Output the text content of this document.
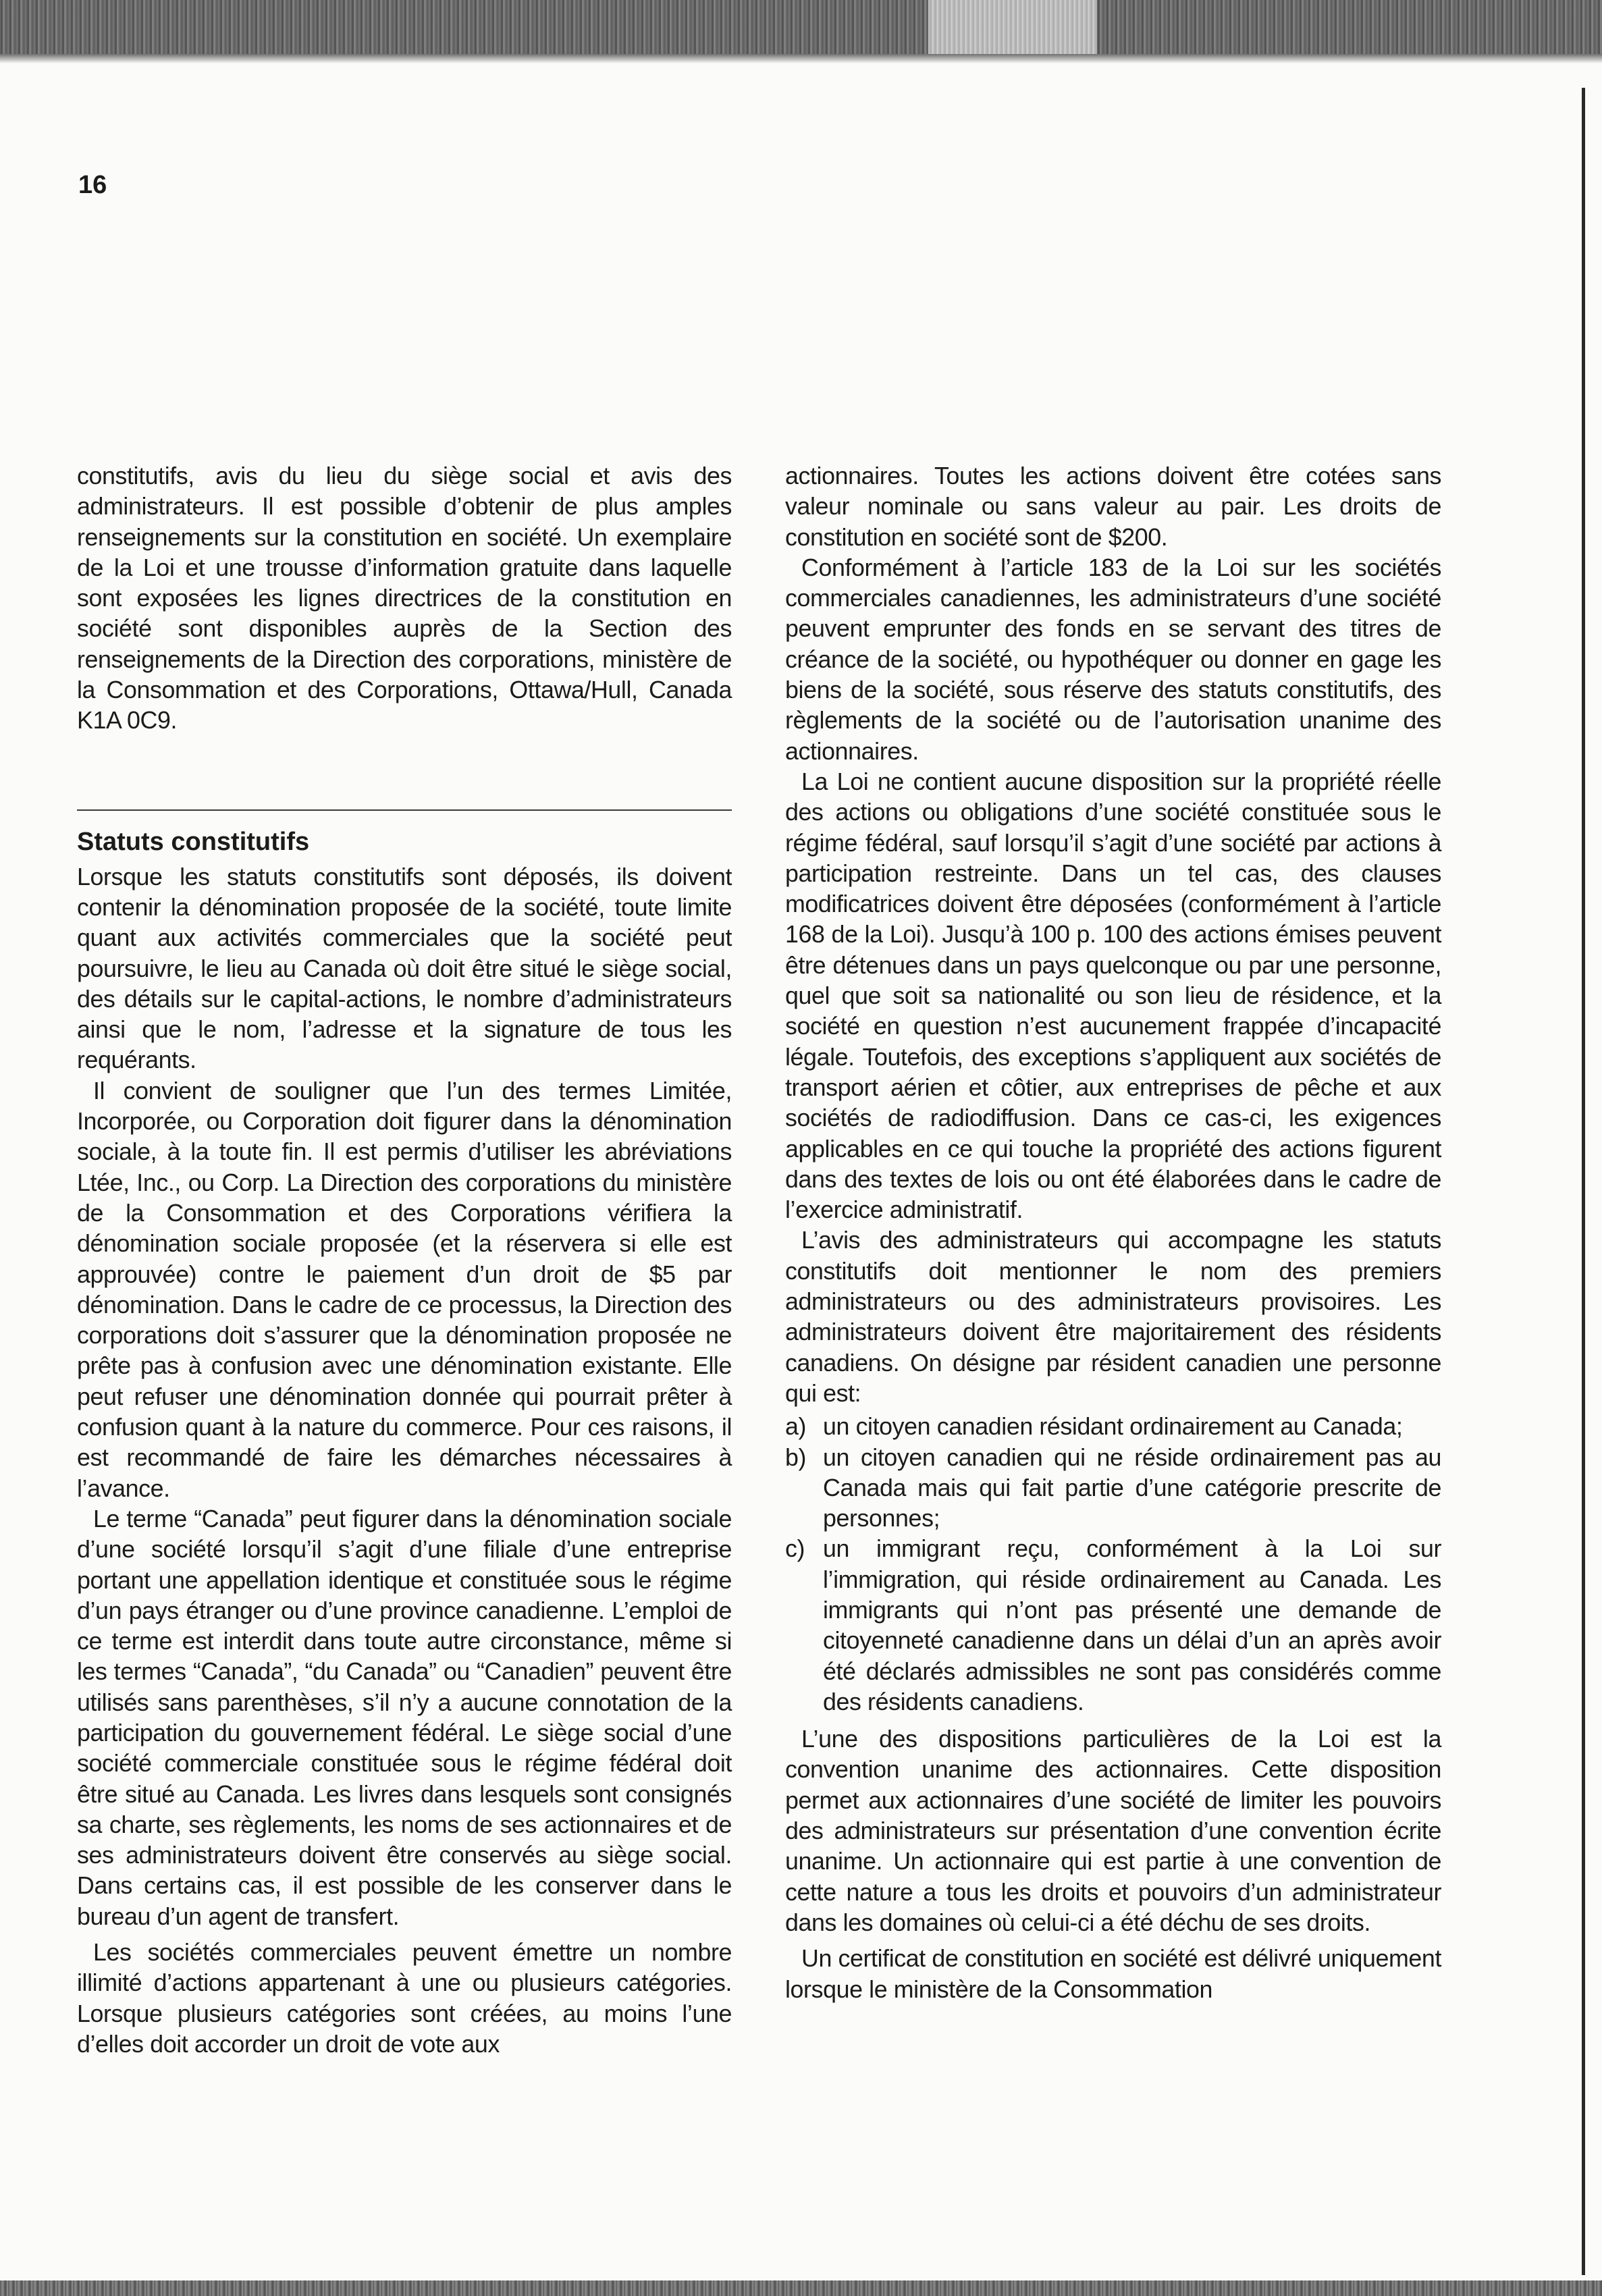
16

constitutifs, avis du lieu du siège social et avis des administrateurs. Il est possible d’obtenir de plus amples renseignements sur la constitution en société. Un exemplaire de la Loi et une trousse d’information gratuite dans laquelle sont exposées les lignes directrices de la constitution en société sont disponibles auprès de la Section des renseignements de la Direction des corporations, ministère de la Consommation et des Corporations, Ottawa/Hull, Canada K1A 0C9.

Statuts constitutifs

Lorsque les statuts constitutifs sont déposés, ils doivent contenir la dénomination proposée de la société, toute limite quant aux activités commerciales que la société peut poursuivre, le lieu au Canada où doit être situé le siège social, des détails sur le capital-actions, le nombre d’administrateurs ainsi que le nom, l’adresse et la signature de tous les requérants.

Il convient de souligner que l’un des termes Limitée, Incorporée, ou Corporation doit figurer dans la dénomination sociale, à la toute fin. Il est permis d’utiliser les abréviations Ltée, Inc., ou Corp. La Direction des corporations du ministère de la Consommation et des Corporations vérifiera la dénomination sociale proposée (et la réservera si elle est approuvée) contre le paiement d’un droit de $5 par dénomination. Dans le cadre de ce processus, la Direction des corporations doit s’assurer que la dénomination proposée ne prête pas à confusion avec une dénomination existante. Elle peut refuser une dénomination donnée qui pourrait prêter à confusion quant à la nature du commerce. Pour ces raisons, il est recommandé de faire les démarches nécessaires à l’avance.

Le terme “Canada” peut figurer dans la dénomination sociale d’une société lorsqu’il s’agit d’une filiale d’une entreprise portant une appellation identique et constituée sous le régime d’un pays étranger ou d’une province canadienne. L’emploi de ce terme est interdit dans toute autre circonstance, même si les termes “Canada”, “du Canada” ou “Canadien” peuvent être utilisés sans parenthèses, s’il n’y a aucune connotation de la participation du gouvernement fédéral. Le siège social d’une société commerciale constituée sous le régime fédéral doit être situé au Canada. Les livres dans lesquels sont consignés sa charte, ses règlements, les noms de ses actionnaires et de ses administrateurs doivent être conservés au siège social. Dans certains cas, il est possible de les conserver dans le bureau d’un agent de transfert.

Les sociétés commerciales peuvent émettre un nombre illimité d’actions appartenant à une ou plusieurs catégories. Lorsque plusieurs catégories sont créées, au moins l’une d’elles doit accorder un droit de vote aux

actionnaires. Toutes les actions doivent être cotées sans valeur nominale ou sans valeur au pair. Les droits de constitution en société sont de $200.

Conformément à l’article 183 de la Loi sur les sociétés commerciales canadiennes, les administrateurs d’une société peuvent emprunter des fonds en se servant des titres de créance de la société, ou hypothéquer ou donner en gage les biens de la société, sous réserve des statuts constitutifs, des règlements de la société ou de l’autorisation unanime des actionnaires.

La Loi ne contient aucune disposition sur la propriété réelle des actions ou obligations d’une société constituée sous le régime fédéral, sauf lorsqu’il s’agit d’une société par actions à participation restreinte. Dans un tel cas, des clauses modificatrices doivent être déposées (conformément à l’article 168 de la Loi). Jusqu’à 100 p. 100 des actions émises peuvent être détenues dans un pays quelconque ou par une personne, quel que soit sa nationalité ou son lieu de résidence, et la société en question n’est aucunement frappée d’incapacité légale. Toutefois, des exceptions s’appliquent aux sociétés de transport aérien et côtier, aux entreprises de pêche et aux sociétés de radiodiffusion. Dans ce cas-ci, les exigences applicables en ce qui touche la propriété des actions figurent dans des textes de lois ou ont été élaborées dans le cadre de l’exercice administratif.

L’avis des administrateurs qui accompagne les statuts constitutifs doit mentionner le nom des premiers administrateurs ou des administrateurs provisoires. Les administrateurs doivent être majoritairement des résidents canadiens. On désigne par résident canadien une personne qui est:

a) un citoyen canadien résidant ordinairement au Canada;
b) un citoyen canadien qui ne réside ordinairement pas au Canada mais qui fait partie d’une catégorie prescrite de personnes;
c) un immigrant reçu, conformément à la Loi sur l’immigration, qui réside ordinairement au Canada. Les immigrants qui n’ont pas présenté une demande de citoyenneté canadienne dans un délai d’un an après avoir été déclarés admissibles ne sont pas considérés comme des résidents canadiens.

L’une des dispositions particulières de la Loi est la convention unanime des actionnaires. Cette disposition permet aux actionnaires d’une société de limiter les pouvoirs des administrateurs sur présentation d’une convention écrite unanime. Un actionnaire qui est partie à une convention de cette nature a tous les droits et pouvoirs d’un administrateur dans les domaines où celui-ci a été déchu de ses droits.

Un certificat de constitution en société est délivré uniquement lorsque le ministère de la Consommation
